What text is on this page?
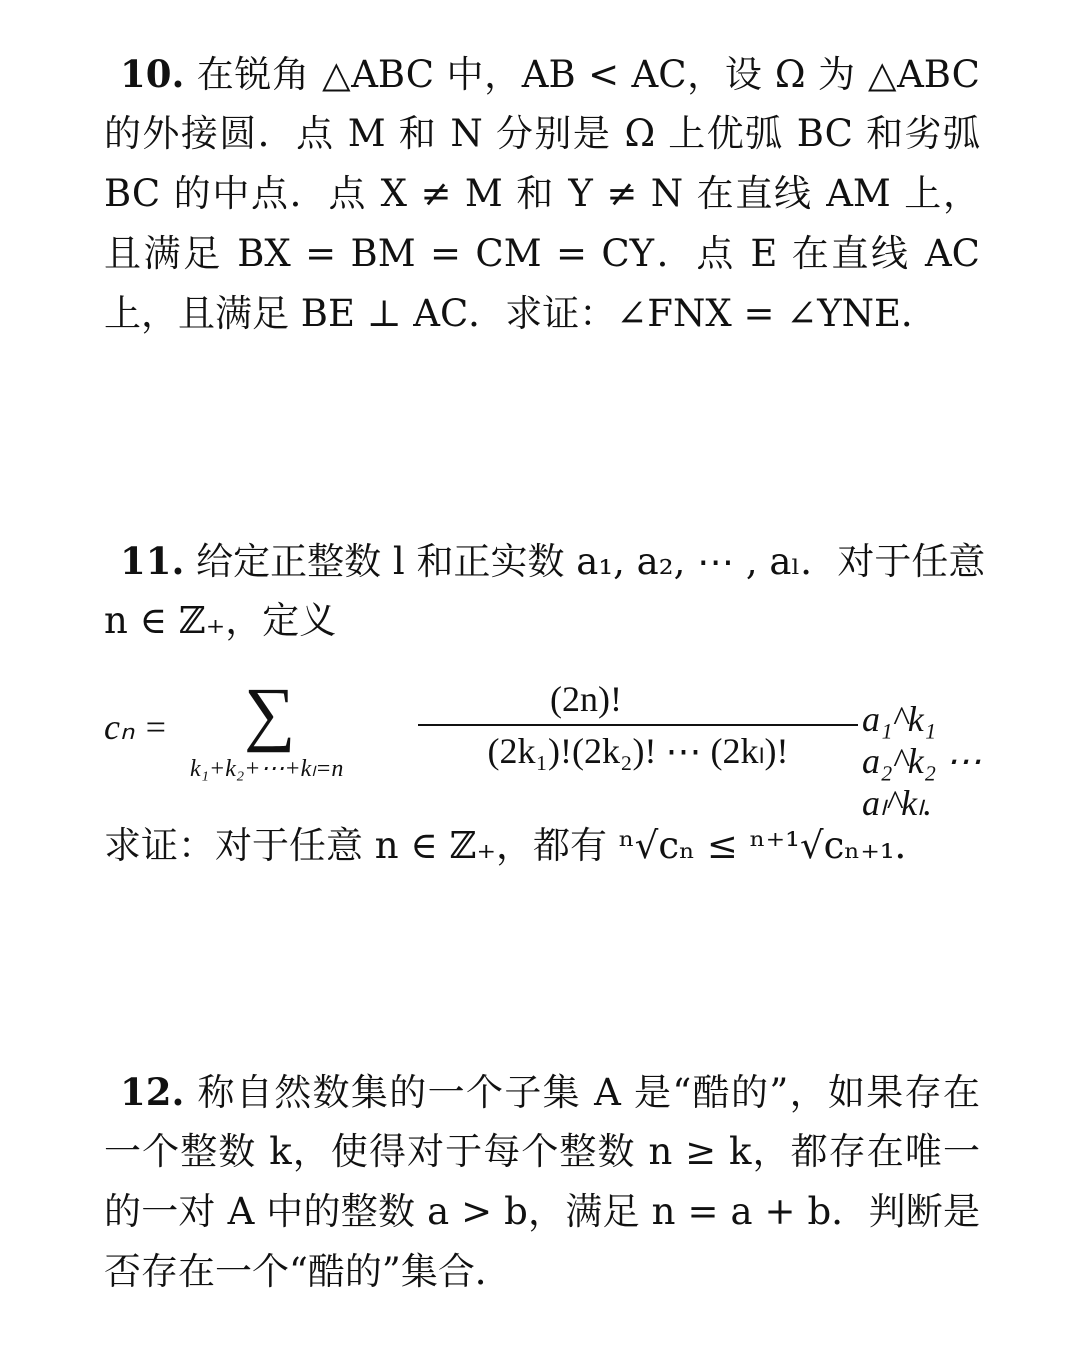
10. 在锐角 △ABC 中，AB < AC，设 Ω 为 △ABC
的外接圆．点 M 和 N 分别是 Ω 上优弧 BC 和劣弧
BC 的中点．点 X ≠ M 和 Y ≠ N 在直线 AM 上，
且满足 BX = BM = CM = CY．点 E 在直线 AC
上，且满足 BE ⊥ AC．求证：∠FNX = ∠YNE．
11. 给定正整数 l 和正实数 a₁, a₂, ⋯ , aₗ．对于任意
n ∈ ℤ₊，定义
cₙ = ∑
k₁+k₂+⋯+kₗ=n
(2n)!
(2k₁)!(2k₂)! ⋯ (2kₗ)!
a₁^k₁ a₂^k₂ ⋯ aₗ^kₗ.
求证：对于任意 n ∈ ℤ₊，都有 ⁿ√cₙ ≤ ⁿ⁺¹√cₙ₊₁．
12. 称自然数集的一个子集 A 是“酷的”，如果存在
一个整数 k，使得对于每个整数 n ≥ k，都存在唯一
的一对 A 中的整数 a > b，满足 n = a + b．判断是
否存在一个“酷的”集合．
